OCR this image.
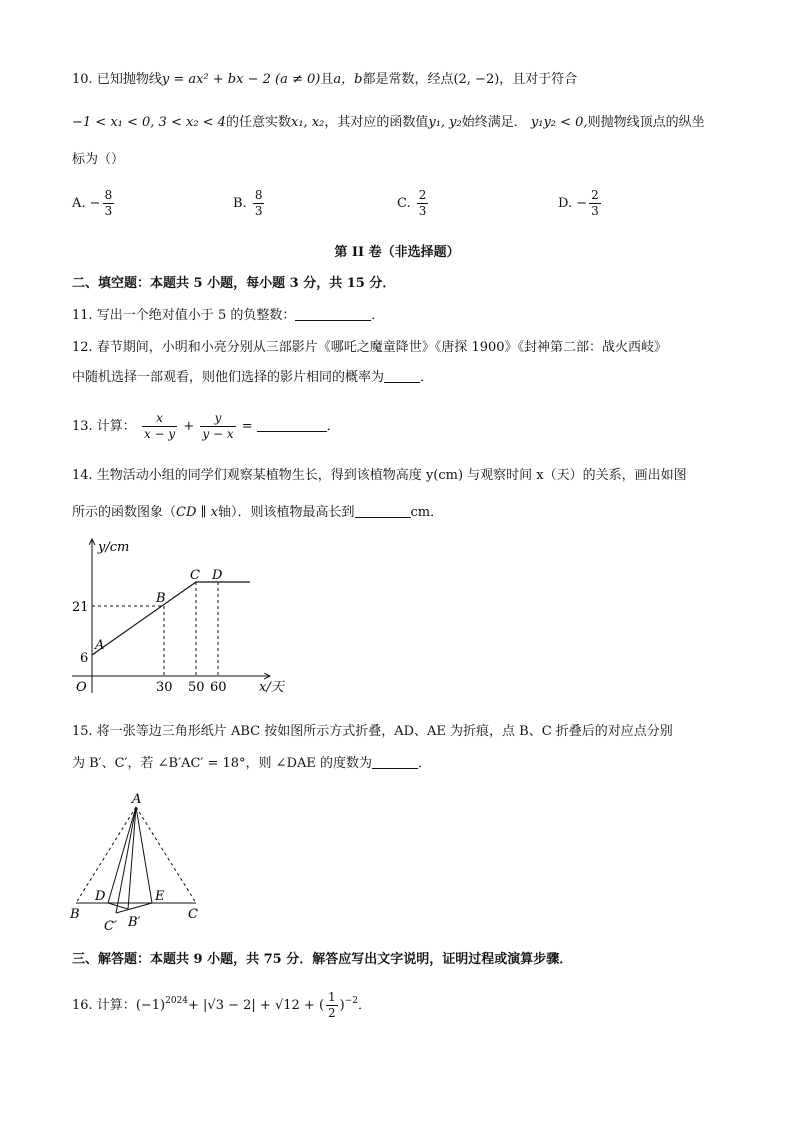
10. 已知抛物线y = ax² + bx − 2 (a ≠ 0)且a，b都是常数，经点(2, −2)，且对于符合
−1 < x₁ < 0, 3 < x₂ < 4的任意实数x₁, x₂，其对应的函数值y₁, y₂始终满足． y₁y₂ < 0,则抛物线顶点的纵坐
标为（）
A. − $\frac{8}{3}$	B. $\frac{8}{3}$	C. $\frac{2}{3}$	D. − $\frac{2}{3}$
第 II 卷（非选择题）
二、填空题：本题共 5 小题，每小题 3 分，共 15 分．
11. 写出一个绝对值小于 5 的负整数：	．
12. 春节期间，小明和小亮分别从三部影片《哪吒之魔童降世》《唐探 1900》《封神第二部：战火西岐》
中随机选择一部观看，则他们选择的影片相同的概率为	．
13. 计算： $\frac{x}{x - y} + \frac{y}{y - x}$ =	．
14. 生物活动小组的同学们观察某植物生长，得到该植物高度 y(cm) 与观察时间 x（天）的关系，画出如图
所示的函数图象（CD ∥ x轴）．则该植物最高长到	cm．
y/cm
x/天
O
6
21
30 50 60
A
B
C D
15. 将一张等边三角形纸片 ABC 按如图所示方式折叠，AD、AE 为折痕，点 B、C 折叠后的对应点分别
为 B′、C′，若 ∠B′AC′ = 18°，则 ∠DAE 的度数为	．
A
B	C
D	E
C′ B′
三、解答题：本题共 9 小题，共 75 分．解答应写出文字说明，证明过程或演算步骤．
16. 计算：$(-1)^{2024}+ |√3 - 2| + √12$ + ( $\frac{1}{2} )^{-2}$．
